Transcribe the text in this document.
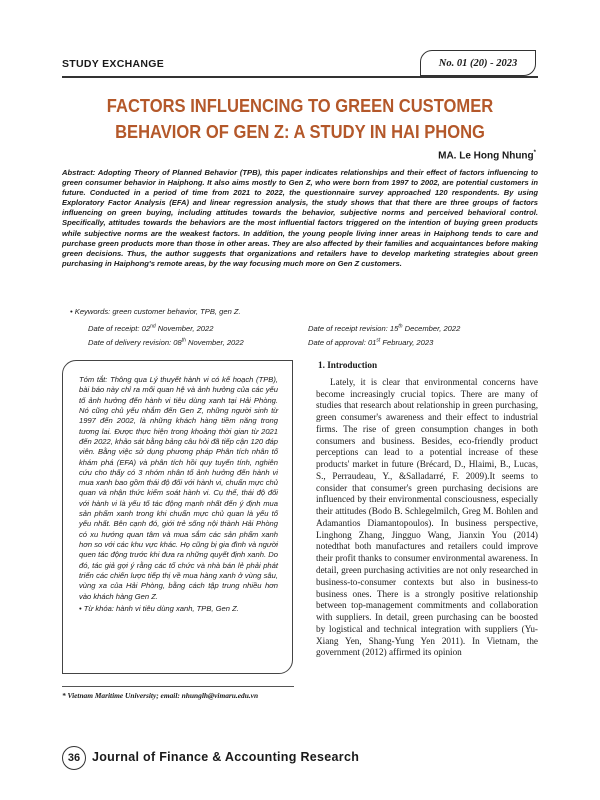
STUDY EXCHANGE	No. 01 (20) - 2023
FACTORS INFLUENCING TO GREEN CUSTOMER BEHAVIOR OF GEN Z: A STUDY IN HAI PHONG
MA. Le Hong Nhung*

Abstract: Adopting Theory of Planned Behavior (TPB), this paper indicates relationships and their effect of factors influencing to green consumer behavior in Haiphong. It also aims mostly to Gen Z, who were born from 1997 to 2002, are potential customers in future. Conducted in a period of time from 2021 to 2022, the questionnaire survey approached 120 respondents. By using Exploratory Factor Analysis (EFA) and linear regression analysis, the study shows that that there are three groups of factors influencing on green buying, including attitudes towards the behavior, subjective norms and perceived behavioral control. Specifically, attitudes towards the behaviors are the most influential factors triggered on the intention of buying green products while subjective norms are the weakest factors. In addition, the young people living inner areas in Haiphong tends to care and purchase green products more than those in other areas. They are also affected by their families and acquaintances before making green decisions. Thus, the author suggests that organizations and retailers have to develop marketing strategies about green purchasing in Haiphong's remote areas, by the way focusing much more on Gen Z customers.

• Keywords: green customer behavior, TPB, gen Z.

Date of receipt: 02nd November, 2022	Date of receipt revision: 15th December, 2022
Date of delivery revision: 08th November, 2022	Date of approval: 01st February, 2023

Tóm tắt: Thông qua Lý thuyết hành vi có kế hoạch (TPB), bài báo này chỉ ra mối quan hệ và ảnh hưởng của các yếu tố ảnh hưởng đến hành vi tiêu dùng xanh tại Hải Phòng. Nó cũng chủ yếu nhắm đến Gen Z, những người sinh từ 1997 đến 2002, là những khách hàng tiềm năng trong tương lai. Được thực hiện trong khoảng thời gian từ 2021 đến 2022, khảo sát bằng bảng câu hỏi đã tiếp cận 120 đáp viên. Bằng việc sử dụng phương pháp Phân tích nhân tố khám phá (EFA) và phân tích hồi quy tuyến tính, nghiên cứu cho thấy có 3 nhóm nhân tố ảnh hưởng đến hành vi mua xanh bao gồm thái độ đối với hành vi, chuẩn mực chủ quan và nhận thức kiểm soát hành vi. Cụ thể, thái độ đối với hành vi là yếu tố tác động mạnh nhất đến ý định mua sản phẩm xanh trong khi chuẩn mực chủ quan là yếu tố yếu nhất. Bên cạnh đó, giới trẻ sống nội thành Hải Phòng có xu hướng quan tâm và mua sắm các sản phẩm xanh hơn so với các khu vực khác. Họ cũng bị gia đình và người quen tác động trước khi đưa ra những quyết định xanh. Do đó, tác giả gợi ý rằng các tổ chức và nhà bán lẻ phải phát triển các chiến lược tiếp thị về mua hàng xanh ở vùng sâu, vùng xa của Hải Phòng, bằng cách tập trung nhiều hơn vào khách hàng Gen Z.

• Từ khóa: hành vi tiêu dùng xanh, TPB, Gen Z.

1. Introduction

Lately, it is clear that environmental concerns have become increasingly crucial topics. There are many of studies that research about relationship in green purchasing, green consumer's awareness and their effect to industrial firms. The rise of green consumption changes in both consumers and business. Besides, eco-friendly product perceptions can lead to a potential increase of these products' market in future (Brécard, D., Hlaimi, B., Lucas, S., Perraudeau, Y., &Salladarré, F. 2009).It seems to consider that consumer's green purchasing decisions are influenced by their environmental consciousness, especially their attitudes (Bodo B. Schlegelmilch, Greg M. Bohlen and Adamantios Diamantopoulos). In business perspective, Linghong Zhang, Jingguo Wang, Jianxin You (2014) notedthat both manufactures and retailers could improve their profit thanks to consumer environmental awareness. In detail, green purchasing activities are not only researched in business-to-consumer contexts but also in business-to business ones. There is a strongly positive relationship between top-management commitments and collaboration with suppliers. In detail, green purchasing can be boosted by logistical and technical integration with suppliers (Yu-Xiang Yen, Shang-Yung Yen 2011). In Vietnam, the government (2012) affirmed its opinion

* Vietnam Maritime University; email: nhunglh@vimaru.edu.vn
36 Journal of Finance & Accounting Research
